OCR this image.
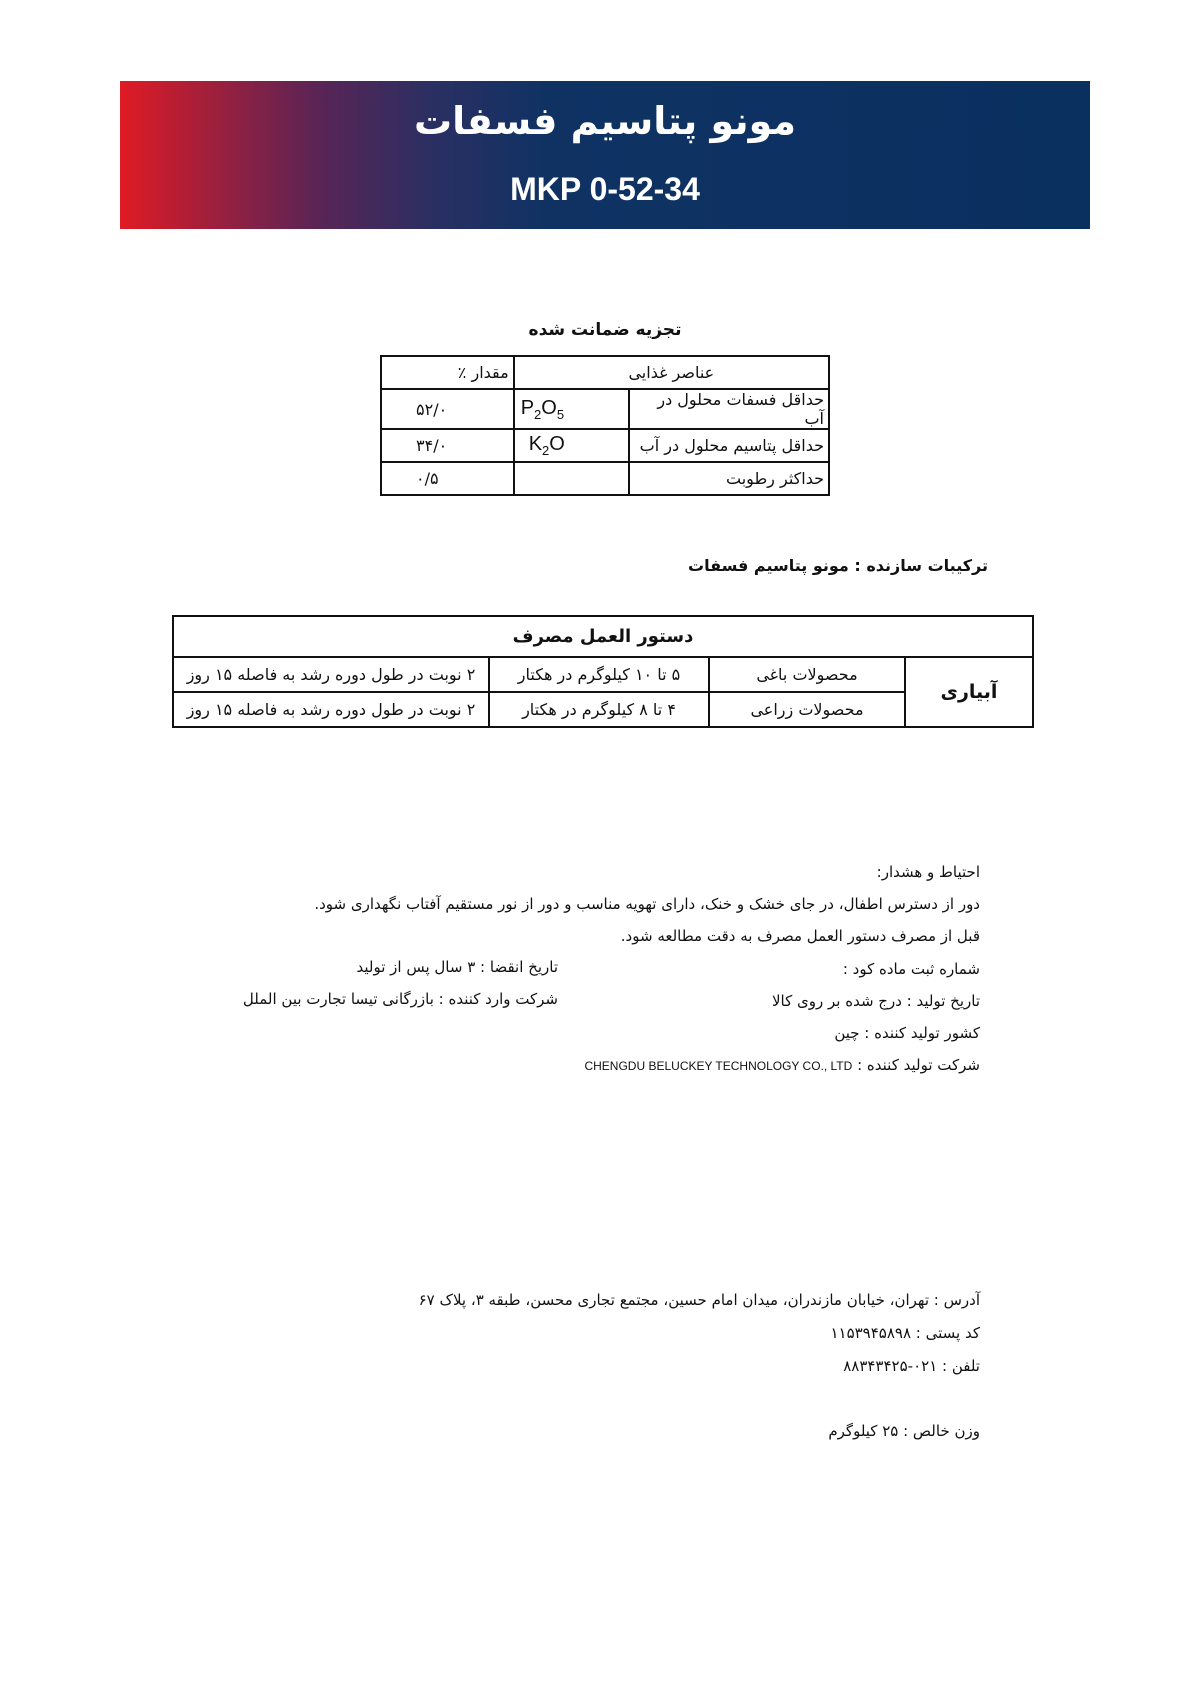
مونو پتاسیم فسفات
MKP 0-52-34
تجزیه ضمانت شده
عناصر غذایی		مقدار ٪
حداقل فسفات محلول در آب	$P_2O_5$	۵۲/۰
حداقل پتاسیم محلول در آب	$K_2O$	۳۴/۰
حداکثر رطوبت		۰/۵
ترکیبات سازنده : مونو پتاسیم فسفات
دستور العمل مصرف			
آبیاری	محصولات باغی	۵ تا ۱۰ کیلوگرم در هکتار	۲ نوبت در طول دوره رشد به فاصله ۱۵ روز
	محصولات زراعی	۴ تا ۸ کیلوگرم در هکتار	۲ نوبت در طول دوره رشد به فاصله ۱۵ روز
احتیاط و هشدار:
دور از دسترس اطفال، در جای خشک و خنک، دارای تهویه مناسب و دور از نور مستقیم آفتاب نگهداری شود.
قبل از مصرف دستور العمل مصرف به دقت مطالعه شود.
شماره ثبت ماده کود :
تاریخ تولید : درج شده بر روی کالا
کشور تولید کننده : چین
شرکت تولید کننده : CHENGDU BELUCKEY TECHNOLOGY CO., LTD
تاریخ انقضا : ۳ سال پس از تولید
شرکت وارد کننده : بازرگانی تیسا تجارت بین الملل
آدرس : تهران، خیابان مازندران، میدان امام حسین، مجتمع تجاری محسن، طبقه ۳، پلاک ۶۷
کد پستی : ۱۱۵۳۹۴۵۸۹۸
تلفن : ۰۲۱-۸۸۳۴۳۴۲۵
وزن خالص : ۲۵ کیلوگرم
